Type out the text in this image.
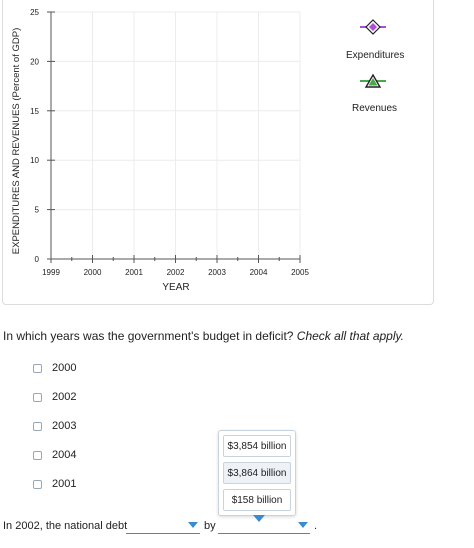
1999	2000	2001	2002	2003	2004	2005
0
5
10
15
20
25
EXPENDITURES AND REVENUES (Percent of GDP)
YEAR
Expenditures
Revenues
In which years was the government's budget in deficit? Check all that apply.
2000
2002
2003
2004
2001
$3,854 billion
$3,864 billion
$158 billion
In 2002, the national debt	by	.
